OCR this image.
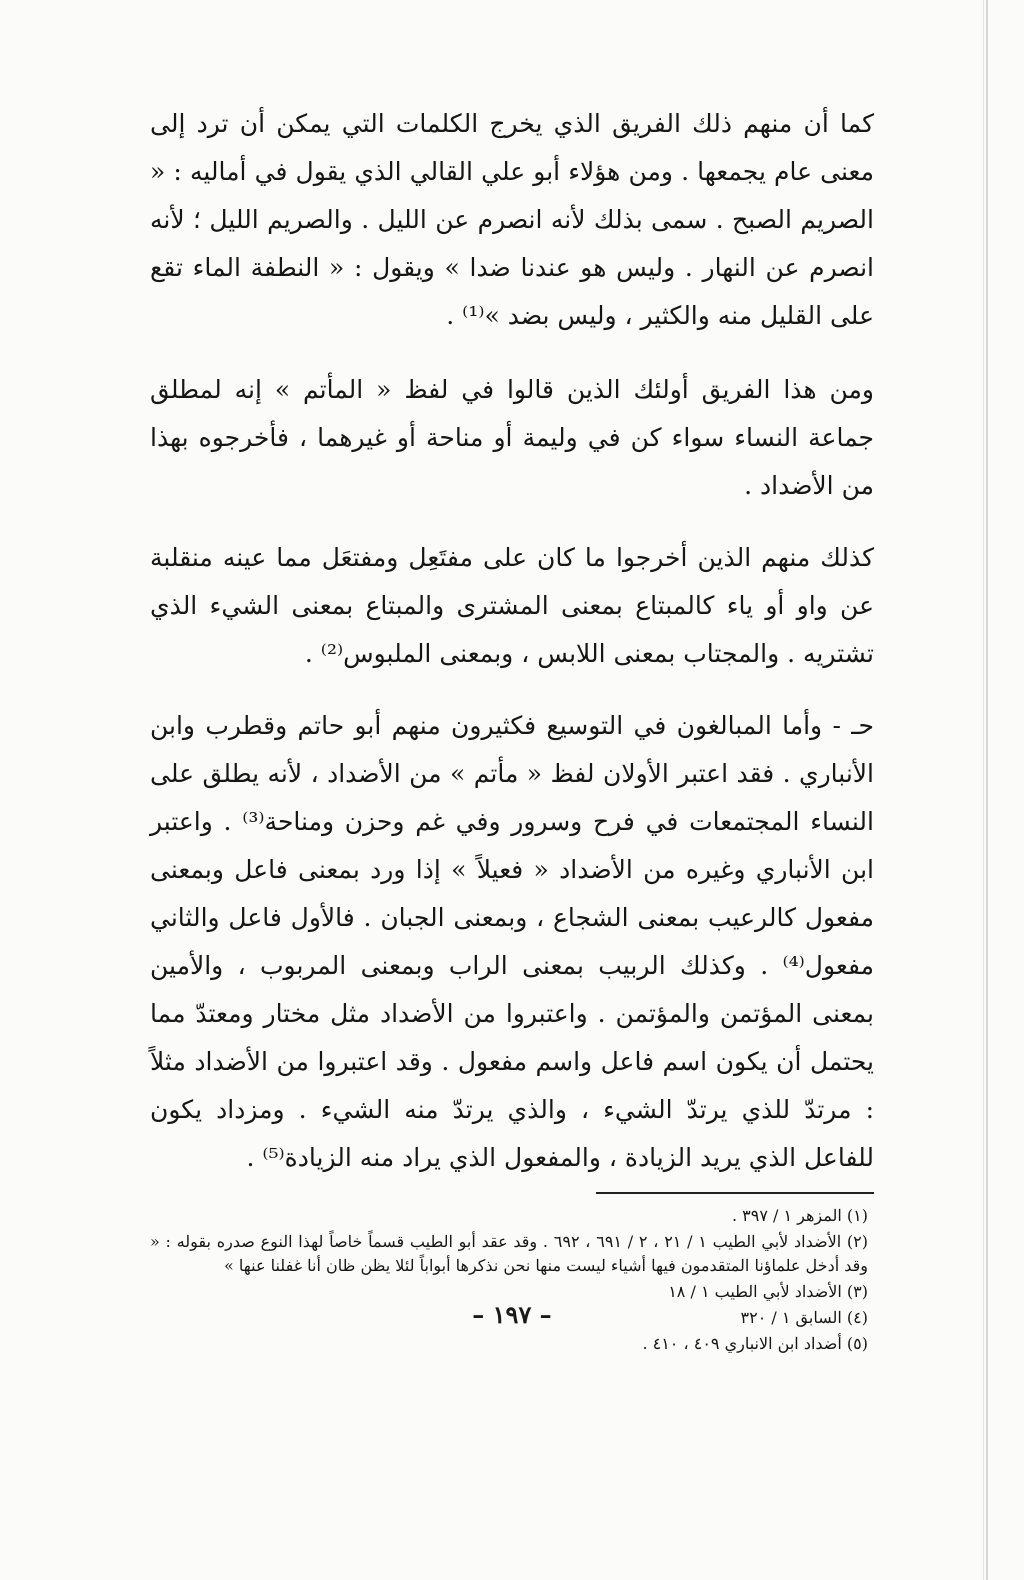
كما أن منهم ذلك الفريق الذي يخرج الكلمات التي يمكن أن ترد إلى معنى عام يجمعها . ومن هؤلاء أبو علي القالي الذي يقول في أماليه : « الصريم الصبح . سمى بذلك لأنه انصرم عن الليل . والصريم الليل ؛ لأنه انصرم عن النهار . وليس هو عندنا ضدا » ويقول : « النطفة الماء تقع على القليل منه والكثير ، وليس بضد »⁽¹⁾ .

ومن هذا الفريق أولئك الذين قالوا في لفظ « المأتم » إنه لمطلق جماعة النساء سواء كن في وليمة أو مناحة أو غيرهما ، فأخرجوه بهذا من الأضداد .

كذلك منهم الذين أخرجوا ما كان على مفتَعِل ومفتعَل مما عينه منقلبة عن واو أو ياء كالمبتاع بمعنى المشترى والمبتاع بمعنى الشيء الذي تشتريه . والمجتاب بمعنى اللابس ، وبمعنى الملبوس⁽²⁾ .

حـ - وأما المبالغون في التوسيع فكثيرون منهم أبو حاتم وقطرب وابن الأنباري . فقد اعتبر الأولان لفظ « مأتم » من الأضداد ، لأنه يطلق على النساء المجتمعات في فرح وسرور وفي غم وحزن ومناحة⁽³⁾ . واعتبر ابن الأنباري وغيره من الأضداد « فعيلاً » إذا ورد بمعنى فاعل وبمعنى مفعول كالرعيب بمعنى الشجاع ، وبمعنى الجبان . فالأول فاعل والثاني مفعول⁽⁴⁾ . وكذلك الربيب بمعنى الراب وبمعنى المربوب ، والأمين بمعنى المؤتمن والمؤتمن . واعتبروا من الأضداد مثل مختار ومعتدّ مما يحتمل أن يكون اسم فاعل واسم مفعول . وقد اعتبروا من الأضداد مثلاً : مرتدّ للذي يرتدّ الشيء ، والذي يرتدّ منه الشيء . ومزداد يكون للفاعل الذي يريد الزيادة ، والمفعول الذي يراد منه الزيادة⁽⁵⁾ .

(١) المزهر ١ / ٣٩٧ .
(٢) الأضداد لأبي الطيب ١ / ٢١ ، ٢ / ٦٩١ ، ٦٩٢ . وقد عقد أبو الطيب قسماً خاصاً لهذا النوع صدره بقوله : « وقد أدخل علماؤنا المتقدمون فيها أشياء ليست منها نحن نذكرها أبواباً لئلا يظن ظان أنا غفلنا عنها »
(٣) الأضداد لأبي الطيب ١ / ١٨
(٤) السابق ١ / ٣٢٠
(٥) أضداد ابن الانباري ٤٠٩ ، ٤١٠ .
– ١٩٧ –
